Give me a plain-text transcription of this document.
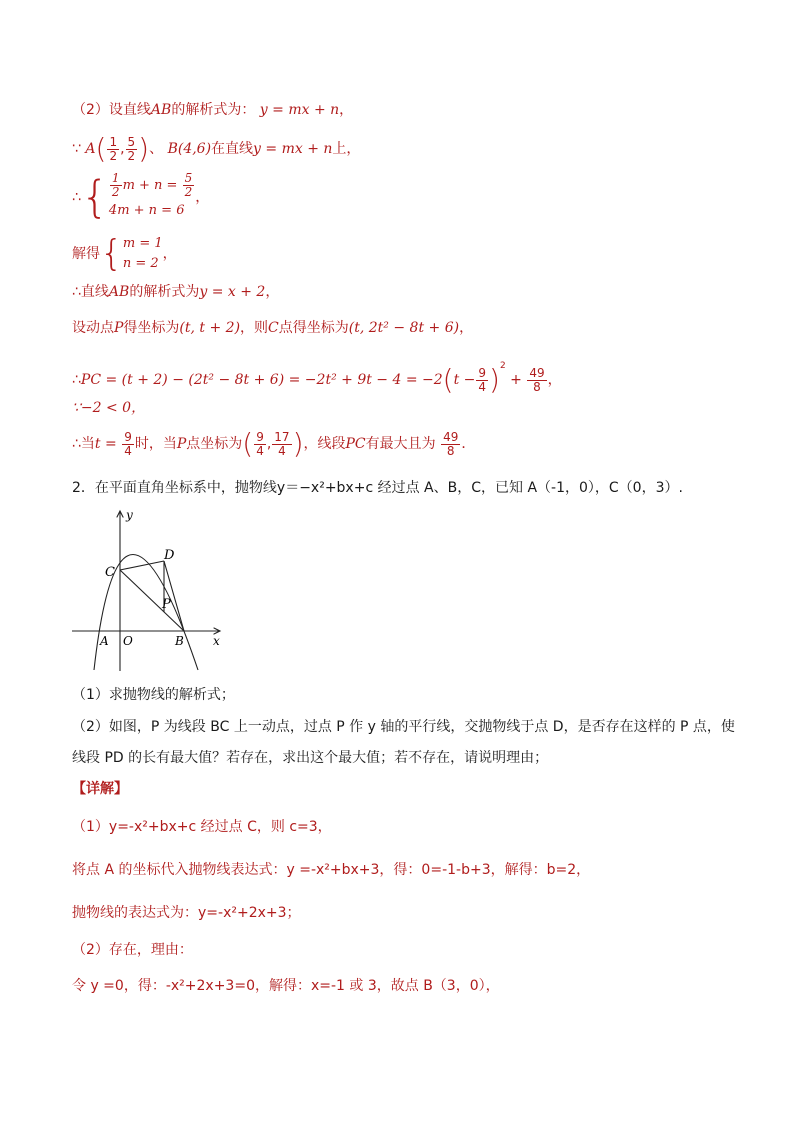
（2）设直线AB的解析式为： y = mx + n，
∵ $A( \frac{1}{2}$ , $\frac{5}{2}$ )、 B(4,6)在直线y = mx + n上，
∴{ $\frac{1}{2}$ $m + n = \frac{5}{2}$
4m + n = 6
，
解得{ m = 1
n = 2
，
∴直线AB的解析式为y = x + 2，
设动点P得坐标为(t, t + 2)，则C点得坐标为(t, 2t² − 8t + 6)，
∴PC = $(t + 2) - (2t^2 - 8t + 6) = -2t^2 + 9t - 4 = -2(t - \frac{9}{4} )^2 + \frac{49}{8}$ ，
∵−2 < 0，
∴当$t = \frac{9}{4}$ 时，当P点坐标为( $\frac{9}{4}$ , $\frac{17}{4}$ )，线段PC有最大且为 $\frac{49}{8}$ ．
2．在平面直角坐标系中，抛物线y＝−x²+bx+c 经过点 A、B，C，已知 A（-1，0），C（0，3）.
y
x
C
D
P
A O	B
（1）求抛物线的解析式；
（2）如图，P 为线段 BC 上一动点，过点 P 作 y 轴的平行线，交抛物线于点 D，是否存在这样的 P 点，使
线段 PD 的长有最大值？若存在，求出这个最大值；若不存在，请说明理由；
【详解】
（1）y=-x²+bx+c 经过点 C，则 c=3，
将点 A 的坐标代入抛物线表达式：y =-x²+bx+3，得：0=-1-b+3，解得：b=2，
抛物线的表达式为：y=-x²+2x+3；
（2）存在，理由：
令 y =0，得：-x²+2x+3=0，解得：x=-1 或 3，故点 B（3，0），
